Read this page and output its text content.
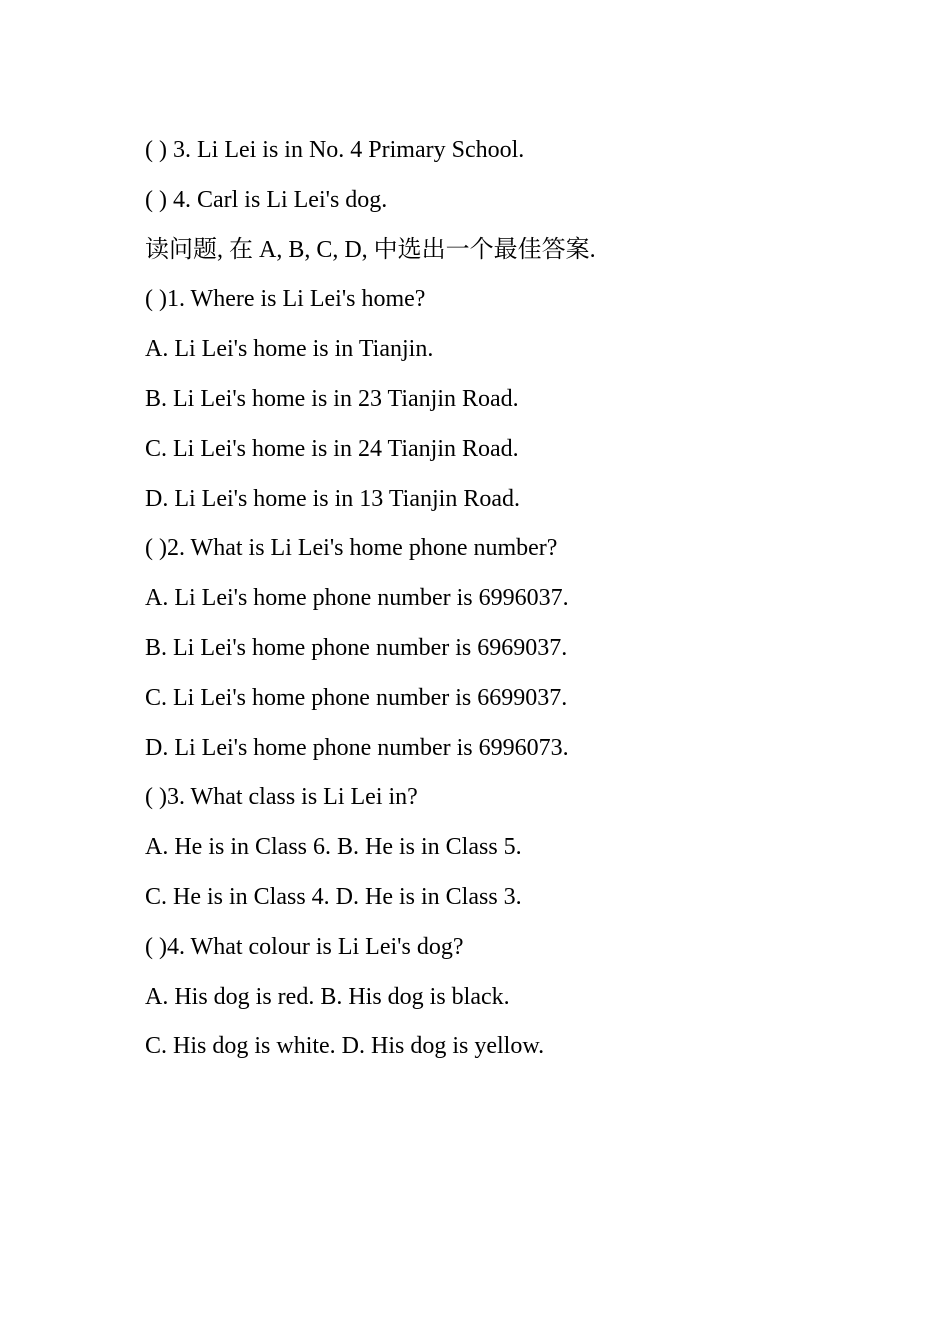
( ) 3. Li Lei is in No. 4 Primary School.
( ) 4. Carl is Li Lei's dog.
读问题, 在 A, B, C, D, 中选出一个最佳答案.
( )1. Where is Li Lei's home?
A. Li Lei's home is in Tianjin.
B. Li Lei's home is in 23 Tianjin Road.
C. Li Lei's home is in 24 Tianjin Road.
D. Li Lei's home is in 13 Tianjin Road.
( )2. What is Li Lei's home phone number?
A. Li Lei's home phone number is 6996037.
B. Li Lei's home phone number is 6969037.
C. Li Lei's home phone number is 6699037.
D. Li Lei's home phone number is 6996073.
( )3. What class is Li Lei in?
A. He is in Class 6. B. He is in Class 5.
C. He is in Class 4. D. He is in Class 3.
( )4. What colour is Li Lei's dog?
A. His dog is red. B. His dog is black.
C. His dog is white. D. His dog is yellow.
